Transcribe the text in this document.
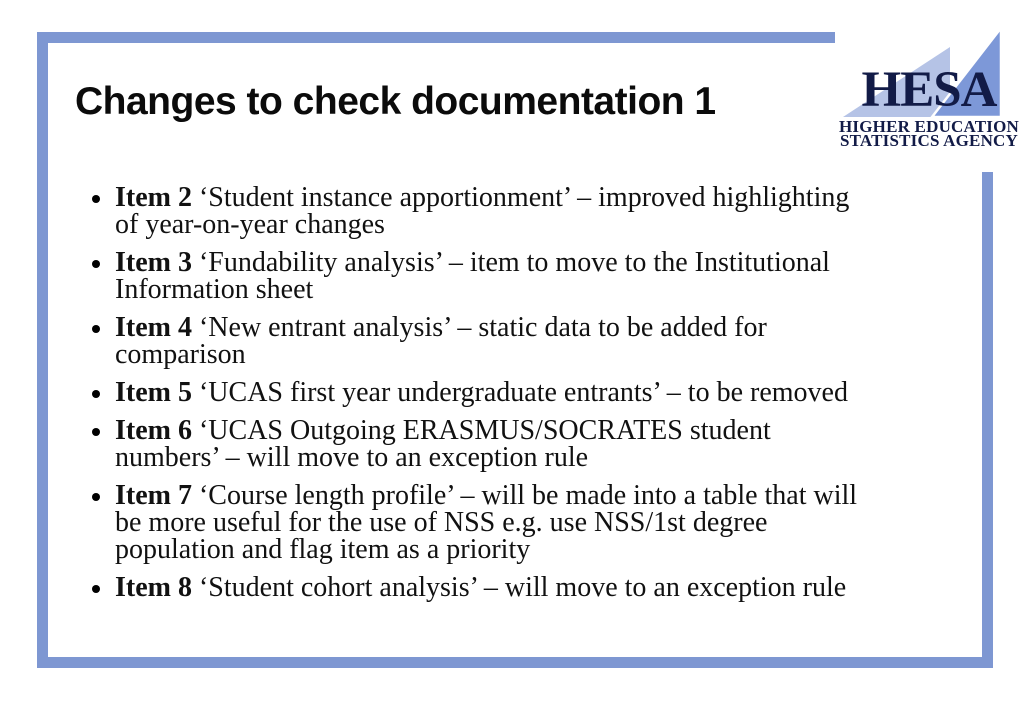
Changes to check documentation 1
Item 2 ‘Student instance apportionment’ – improved highlighting
of year-on-year changes
Item 3 ‘Fundability analysis’ – item to move to the Institutional
Information sheet
Item 4 ‘New entrant analysis’ – static data to be added for
comparison
Item 5 ‘UCAS first year undergraduate entrants’ – to be removed
Item 6 ‘UCAS Outgoing ERASMUS/SOCRATES student
numbers’ – will move to an exception rule
Item 7 ‘Course length profile’ – will be made into a table that will
be more useful for the use of NSS e.g. use NSS/1st degree
population and flag item as a priority
Item 8 ‘Student cohort analysis’ – will move to an exception rule
HESA
HIGHER EDUCATION
STATISTICS AGENCY
